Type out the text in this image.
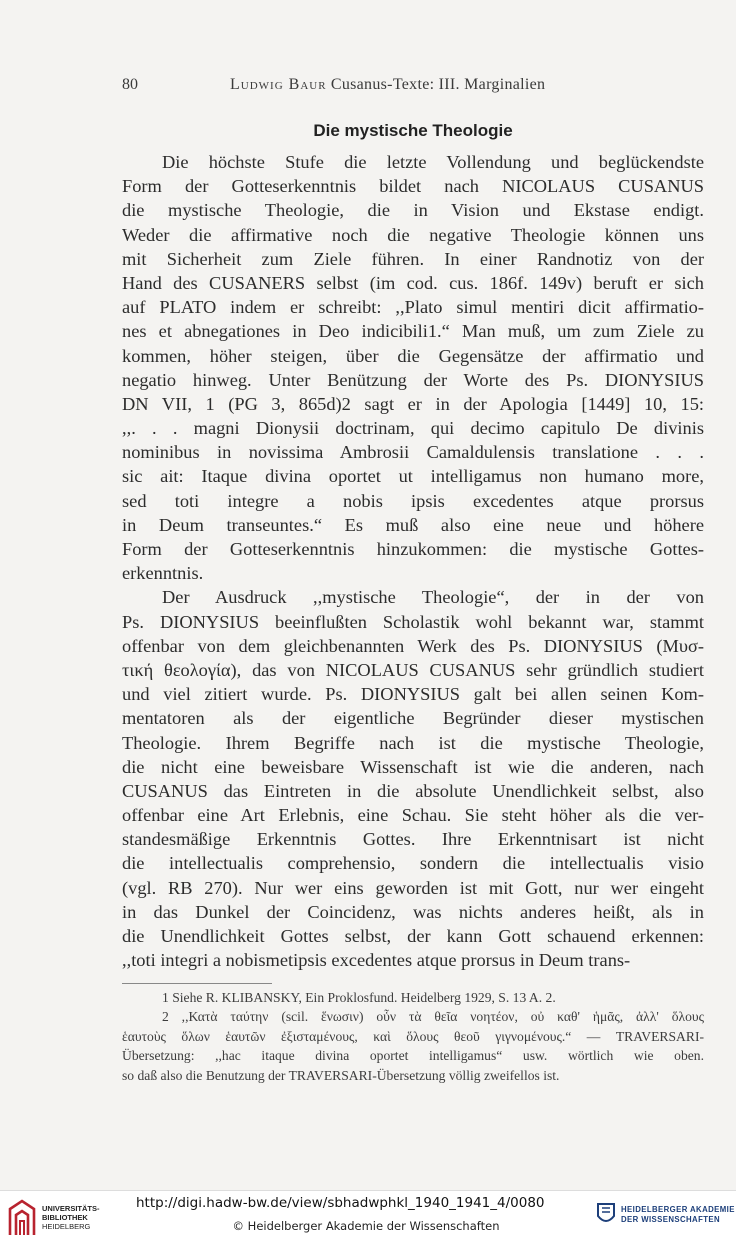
80	Ludwig Baur Cusanus-Texte: III. Marginalien
Die mystische Theologie
Die höchste Stufe die letzte Vollendung und beglückendste
Form der Gotteserkenntnis bildet nach NICOLAUS CUSANUS
die mystische Theologie, die in Vision und Ekstase endigt.
Weder die affirmative noch die negative Theologie können uns
mit Sicherheit zum Ziele führen. In einer Randnotiz von der
Hand des CUSANERS selbst (im cod. cus. 186f. 149v) beruft er sich
auf PLATO indem er schreibt: ,,Plato simul mentiri dicit affirmatio-
nes et abnegationes in Deo indicibili1.“ Man muß, um zum Ziele zu
kommen, höher steigen, über die Gegensätze der affirmatio und
negatio hinweg. Unter Benützung der Worte des Ps. DIONYSIUS
DN VII, 1 (PG 3, 865d)2 sagt er in der Apologia [1449] 10, 15:
,,. . . magni Dionysii doctrinam, qui decimo capitulo De divinis
nominibus in novissima Ambrosii Camaldulensis translatione . . .
sic ait: Itaque divina oportet ut intelligamus non humano more,
sed toti integre a nobis ipsis excedentes atque prorsus
in Deum transeuntes.“ Es muß also eine neue und höhere
Form der Gotteserkenntnis hinzukommen: die mystische Gottes-
erkenntnis.
Der Ausdruck ,,mystische Theologie“, der in der von
Ps. DIONYSIUS beeinflußten Scholastik wohl bekannt war, stammt
offenbar von dem gleichbenannten Werk des Ps. DIONYSIUS (Μυσ-
τική θεολογία), das von NICOLAUS CUSANUS sehr gründlich studiert
und viel zitiert wurde. Ps. DIONYSIUS galt bei allen seinen Kom-
mentatoren als der eigentliche Begründer dieser mystischen
Theologie. Ihrem Begriffe nach ist die mystische Theologie,
die nicht eine beweisbare Wissenschaft ist wie die anderen, nach
CUSANUS das Eintreten in die absolute Unendlichkeit selbst, also
offenbar eine Art Erlebnis, eine Schau. Sie steht höher als die ver-
standesmäßige Erkenntnis Gottes. Ihre Erkenntnisart ist nicht
die intellectualis comprehensio, sondern die intellectualis visio
(vgl. RB 270). Nur wer eins geworden ist mit Gott, nur wer eingeht
in das Dunkel der Coincidenz, was nichts anderes heißt, als in
die Unendlichkeit Gottes selbst, der kann Gott schauend erkennen:
,,toti integri a nobismetipsis excedentes atque prorsus in Deum trans-
1 Siehe R. KLIBANSKY, Ein Proklosfund. Heidelberg 1929, S. 13 A. 2.
2 ,,Κατὰ ταύτην (scil. ἕνωσιν) οὖν τὰ θεῖα νοητέον, οὐ καθ' ἡμᾶς, ἀλλ' ὅλους
ἑαυτοὺς ὅλων ἑαυτῶν ἐξισταμένους, καὶ ὅλους θεοῦ γιγνομένους.“ — TRAVERSARI-
Übersetzung: ,,hac itaque divina oportet intelligamus“ usw. wörtlich wie oben.
so daß also die Benutzung der TRAVERSARI-Übersetzung völlig zweifellos ist.
UNIVERSITÄTS-
BIBLIOTHEK
HEIDELBERG
http://digi.hadw-bw.de/view/sbhadwphkl_1940_1941_4/0080
© Heidelberger Akademie der Wissenschaften
HEIDELBERGER AKADEMIE
DER WISSENSCHAFTEN
